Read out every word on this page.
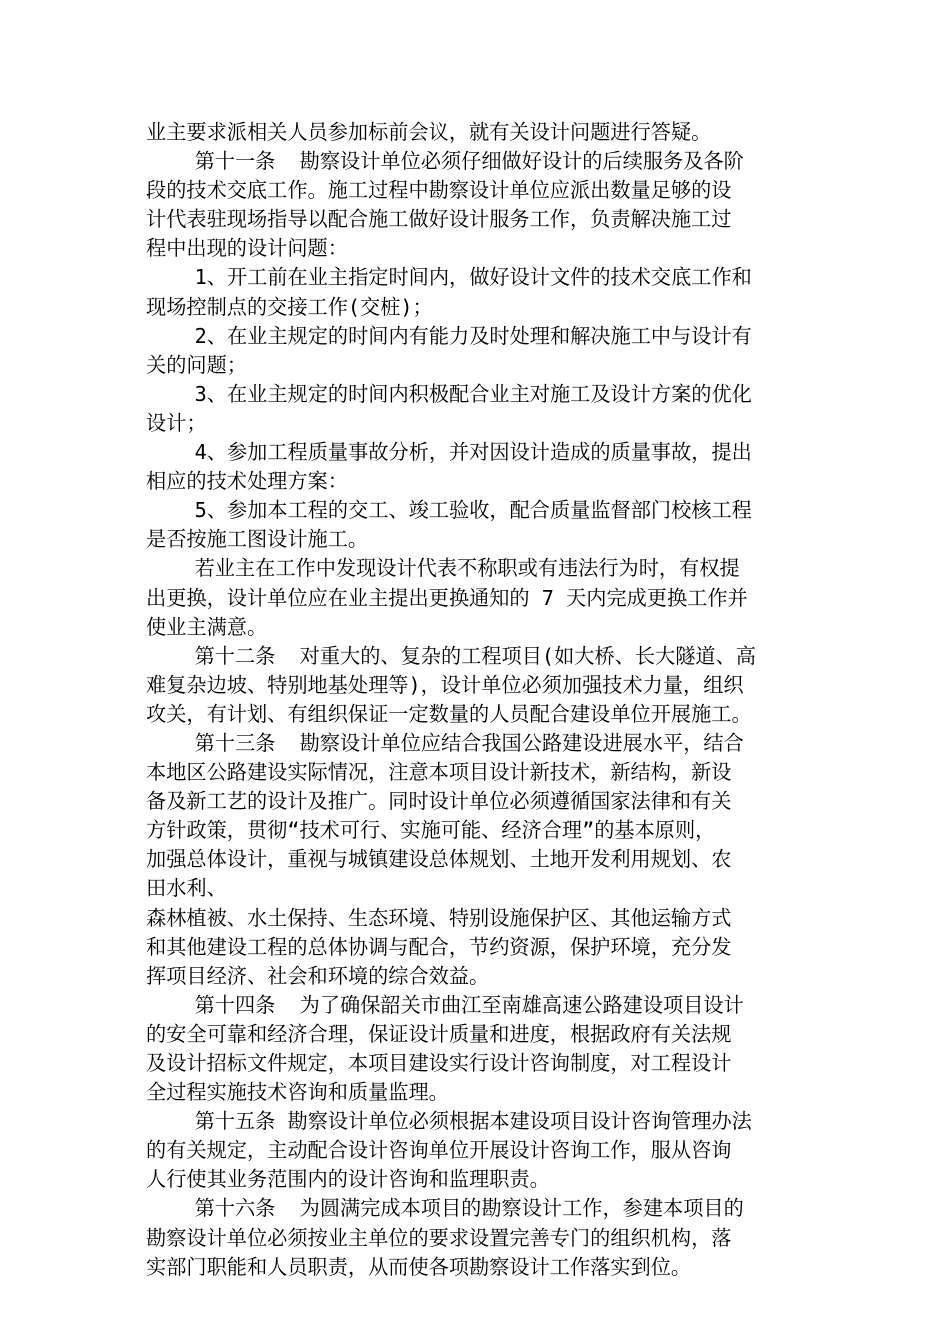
业主要求派相关人员参加标前会议，就有关设计问题进行答疑。
第十一条  勘察设计单位必须仔细做好设计的后续服务及各阶
段的技术交底工作。施工过程中勘察设计单位应派出数量足够的设
计代表驻现场指导以配合施工做好设计服务工作，负责解决施工过
程中出现的设计问题：
1、开工前在业主指定时间内，做好设计文件的技术交底工作和
现场控制点的交接工作(交桩)；
2、在业主规定的时间内有能力及时处理和解决施工中与设计有
关的问题；
3、在业主规定的时间内积极配合业主对施工及设计方案的优化
设计；
4、参加工程质量事故分析，并对因设计造成的质量事故，提出
相应的技术处理方案：
5、参加本工程的交工、竣工验收，配合质量监督部门校核工程
是否按施工图设计施工。
若业主在工作中发现设计代表不称职或有违法行为时，有权提
出更换，设计单位应在业主提出更换通知的 7 天内完成更换工作并
使业主满意。
第十二条  对重大的、复杂的工程项目(如大桥、长大隧道、高
难复杂边坡、特别地基处理等)，设计单位必须加强技术力量，组织
攻关，有计划、有组织保证一定数量的人员配合建设单位开展施工。
第十三条  勘察设计单位应结合我国公路建设进展水平，结合
本地区公路建设实际情况，注意本项目设计新技术，新结构，新设
备及新工艺的设计及推广。同时设计单位必须遵循国家法律和有关
方针政策，贯彻“技术可行、实施可能、经济合理”的基本原则，
加强总体设计，重视与城镇建设总体规划、土地开发利用规划、农
田水利、
森林植被、水土保持、生态环境、特别设施保护区、其他运输方式
和其他建设工程的总体协调与配合，节约资源，保护环境，充分发
挥项目经济、社会和环境的综合效益。
第十四条  为了确保韶关市曲江至南雄高速公路建设项目设计
的安全可靠和经济合理，保证设计质量和进度，根据政府有关法规
及设计招标文件规定，本项目建设实行设计咨询制度，对工程设计
全过程实施技术咨询和质量监理。
第十五条 勘察设计单位必须根据本建设项目设计咨询管理办法
的有关规定，主动配合设计咨询单位开展设计咨询工作，服从咨询
人行使其业务范围内的设计咨询和监理职责。
第十六条  为圆满完成本项目的勘察设计工作，参建本项目的
勘察设计单位必须按业主单位的要求设置完善专门的组织机构，落
实部门职能和人员职责，从而使各项勘察设计工作落实到位。
